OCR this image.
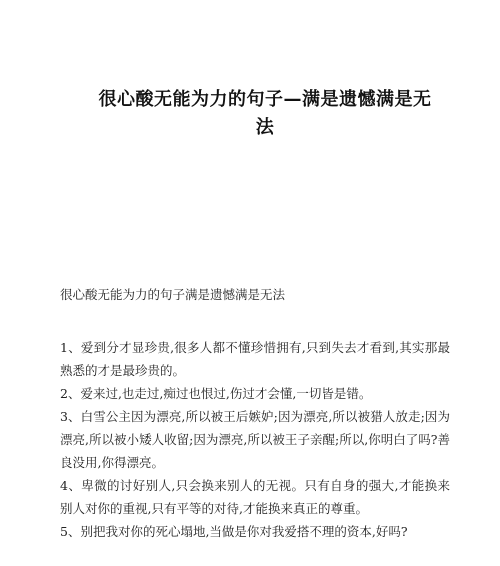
很心酸无能为力的句子—满是遗憾满是无
法
很心酸无能为力的句子满是遗憾满是无法

1、爱到分才显珍贵,很多人都不懂珍惜拥有,只到失去才看到,其实那最熟悉的才是最珍贵的。

2、爱来过,也走过,痴过也恨过,伤过才会懂,一切皆是错。

3、白雪公主因为漂亮,所以被王后嫉妒;因为漂亮,所以被猎人放走;因为漂亮,所以被小矮人收留;因为漂亮,所以被王子亲醒;所以,你明白了吗?善良没用,你得漂亮。

4、卑微的讨好别人,只会换来别人的无视。只有自身的强大,才能换来别人对你的重视,只有平等的对待,才能换来真正的尊重。

5、别把我对你的死心塌地,当做是你对我爱搭不理的资本,好吗?
